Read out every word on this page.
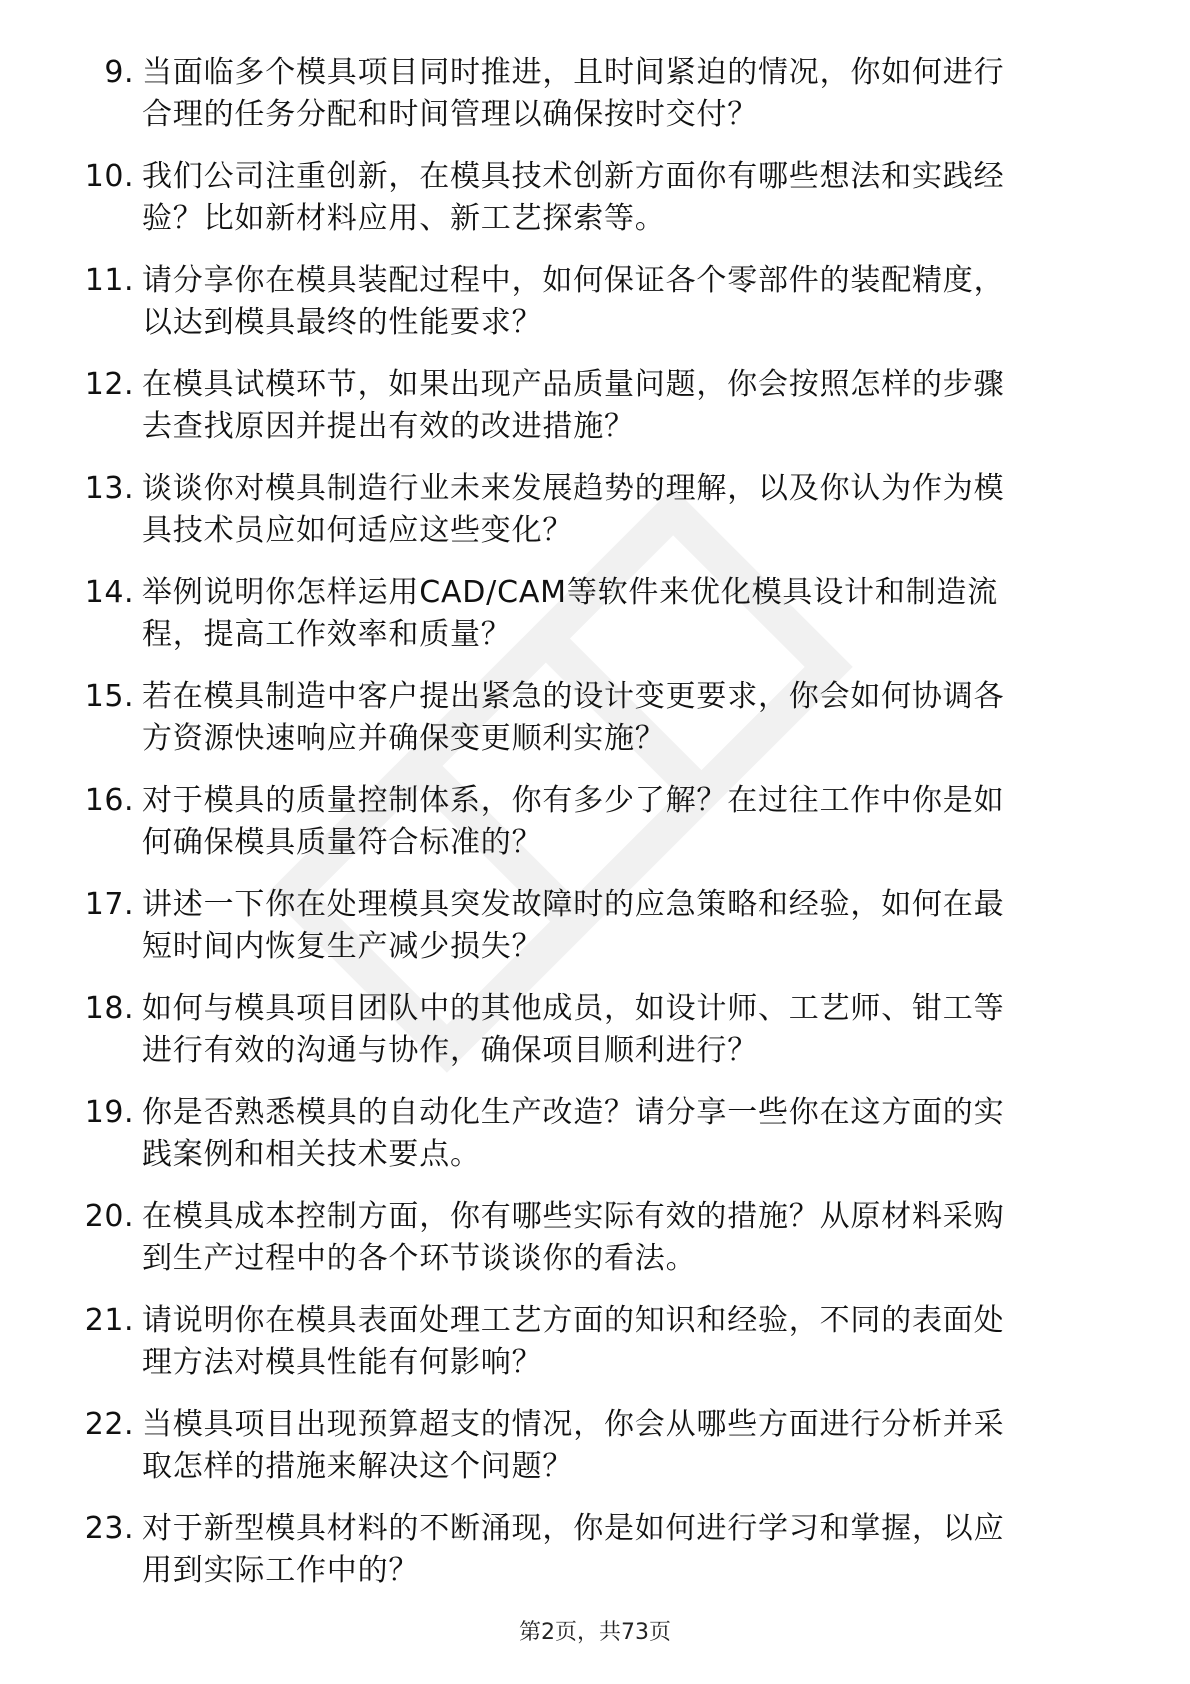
9. 当面临多个模具项目同时推进，且时间紧迫的情况，你如何进行
合理的任务分配和时间管理以确保按时交付？
10. 我们公司注重创新，在模具技术创新方面你有哪些想法和实践经
验？比如新材料应用、新工艺探索等。
11. 请分享你在模具装配过程中，如何保证各个零部件的装配精度，
以达到模具最终的性能要求？
12. 在模具试模环节，如果出现产品质量问题，你会按照怎样的步骤
去查找原因并提出有效的改进措施？
13. 谈谈你对模具制造行业未来发展趋势的理解，以及你认为作为模
具技术员应如何适应这些变化？
14. 举例说明你怎样运用CAD/CAM等软件来优化模具设计和制造流
程，提高工作效率和质量？
15. 若在模具制造中客户提出紧急的设计变更要求，你会如何协调各
方资源快速响应并确保变更顺利实施？
16. 对于模具的质量控制体系，你有多少了解？在过往工作中你是如
何确保模具质量符合标准的？
17. 讲述一下你在处理模具突发故障时的应急策略和经验，如何在最
短时间内恢复生产减少损失？
18. 如何与模具项目团队中的其他成员，如设计师、工艺师、钳工等
进行有效的沟通与协作，确保项目顺利进行？
19. 你是否熟悉模具的自动化生产改造？请分享一些你在这方面的实
践案例和相关技术要点。
20. 在模具成本控制方面，你有哪些实际有效的措施？从原材料采购
到生产过程中的各个环节谈谈你的看法。
21. 请说明你在模具表面处理工艺方面的知识和经验，不同的表面处
理方法对模具性能有何影响？
22. 当模具项目出现预算超支的情况，你会从哪些方面进行分析并采
取怎样的措施来解决这个问题？
23. 对于新型模具材料的不断涌现，你是如何进行学习和掌握，以应
用到实际工作中的？
第2页，共73页
